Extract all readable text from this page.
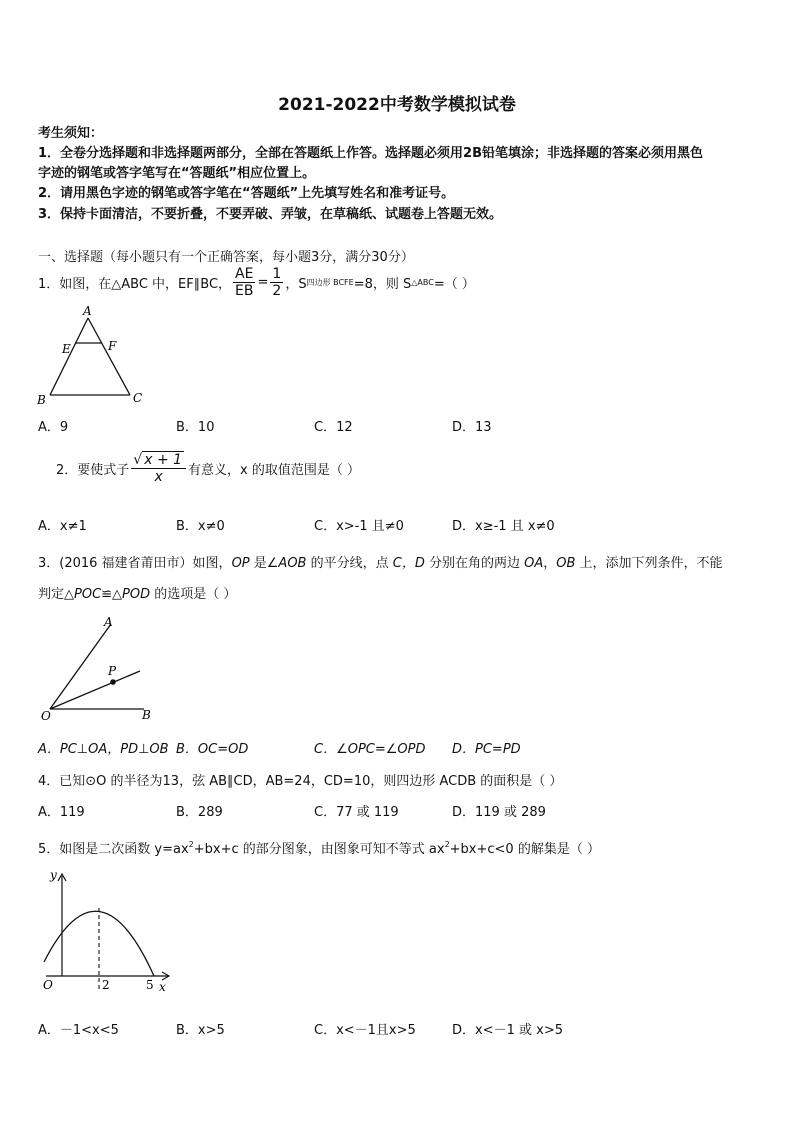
2021-2022中考数学模拟试卷
考生须知：
1．全卷分选择题和非选择题两部分，全部在答题纸上作答。选择题必须用2B铅笔填涂；非选择题的答案必须用黑色
字迹的钢笔或答字笔写在“答题纸”相应位置上。
2．请用黑色字迹的钢笔或答字笔在“答题纸”上先填写姓名和准考证号。
3．保持卡面清洁，不要折叠，不要弄破、弄皱，在草稿纸、试题卷上答题无效。
一、选择题（每小题只有一个正确答案，每小题3分，满分30分）
1．如图，在△ABC 中，EF∥BC， $\frac{AE}{EB} = \frac{1}{2}$ ，S 四边形 BCFE =8，则 S △ABC =（ ）
A
E	F
B	C
A．9	B．10	C．12	D．13
2．要使式子 $\frac{√ x + 1}{x}$ 有意义，x 的取值范围是（ ）
A．x≠1	B．x≠0	C．x>-1 且≠0	D．x≥-1 且 x≠0
3．(2016 福建省莆田市）如图，OP 是∠AOB 的平分线，点 C，D 分别在角的两边 OA，OB 上，添加下列条件，不能
判定△POC≌△POD 的选项是（ ）
A
P
O	B
A．PC⊥OA，PD⊥OB B．OC=OD	C．∠OPC=∠OPD D．PC=PD
4．已知⊙O 的半径为13，弦 AB∥CD，AB=24，CD=10，则四边形 ACDB 的面积是（ ）
A．119	B．289	C．77 或 119	D．119 或 289
5．如图是二次函数 $y=ax^2+bx+c$ 的部分图象，由图象可知不等式 $ax^2+bx+c<0$ 的解集是（ ）
y
x
O	2	5
A．－1<x<5	B．x>5	C．x<－1且x>5	D．x<－1 或 x>5
